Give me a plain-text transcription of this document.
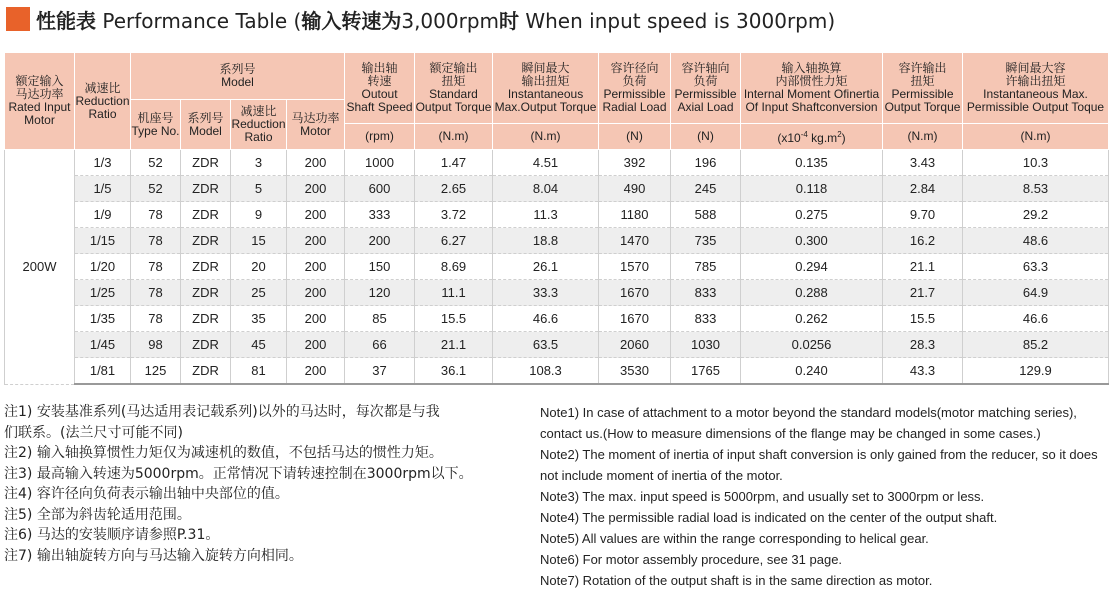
性能表 Performance Table (输入转速为3,000rpm时 When input speed is 3000rpm)
额定输入
马达功率
Rated Input
Motor	减速比
Reduction
Ratio	系列号
Model				输出轴
转速
Outout
Shaft Speed	额定输出
扭矩
Standard
Output Torque	瞬间最大
输出扭矩
Instantaneous
Max.Output Torque	容许径向
负荷
Permissible
Radial Load	容许轴向
负荷
Permissible
Axial Load	输入轴换算
内部惯性力矩
Internal Moment Ofinertia
Of Input Shaftconversion	容许输出
扭矩
Permissible
Output Torque	瞬间最大容
许输出扭矩
Instantaneous Max.
Permissible Output Toque

		机座号
Type No.	系列号
Model	减速比
Reduction
Ratio	马达功率
Motor								

						(rpm)	(N.m)	(N.m)	(N)	(N)	($x10^{-4}$ $kg.m^2$)	(N.m)	(N.m)
200W	1/3	52	ZDR	3	200	1000	1.47	4.51	392	196	0.135	3.43	10.3
	1/5	52	ZDR	5	200	600	2.65	8.04	490	245	0.118	2.84	8.53
	1/9	78	ZDR	9	200	333	3.72	11.3	1180	588	0.275	9.70	29.2
	1/15	78	ZDR	15	200	200	6.27	18.8	1470	735	0.300	16.2	48.6
	1/20	78	ZDR	20	200	150	8.69	26.1	1570	785	0.294	21.1	63.3
	1/25	78	ZDR	25	200	120	11.1	33.3	1670	833	0.288	21.7	64.9
	1/35	78	ZDR	35	200	85	15.5	46.6	1670	833	0.262	15.5	46.6
	1/45	98	ZDR	45	200	66	21.1	63.5	2060	1030	0.0256	28.3	85.2
	1/81	125	ZDR	81	200	37	36.1	108.3	3530	1765	0.240	43.3	129.9
注1) 安装基准系列(马达适用表记载系列)以外的马达时，每次都是与我
们联系。(法兰尺寸可能不同)
注2) 输入轴换算惯性力矩仅为减速机的数值，不包括马达的惯性力矩。
注3) 最高输入转速为5000rpm。正常情况下请转速控制在3000rpm以下。
注4) 容许径向负荷表示输出轴中央部位的值。
注5) 全部为斜齿轮适用范围。
注6) 马达的安装顺序请参照P.31。
注7) 输出轴旋转方向与马达输入旋转方向相同。
Note1) In case of attachment to a motor beyond the standard models(motor matching series), contact us.(How to measure dimensions of the flange may be changed in some cases.)
Note2) The moment of inertia of input shaft conversion is only gained from the reducer, so it does not include moment of inertia of the motor.
Note3) The max. input speed is 5000rpm, and usually set to 3000rpm or less.
Note4) The permissible radial load is indicated on the center of the output shaft.
Note5) All values are within the range corresponding to helical gear.
Note6) For motor assembly procedure, see 31 page.
Note7) Rotation of the output shaft is in the same direction as motor.
